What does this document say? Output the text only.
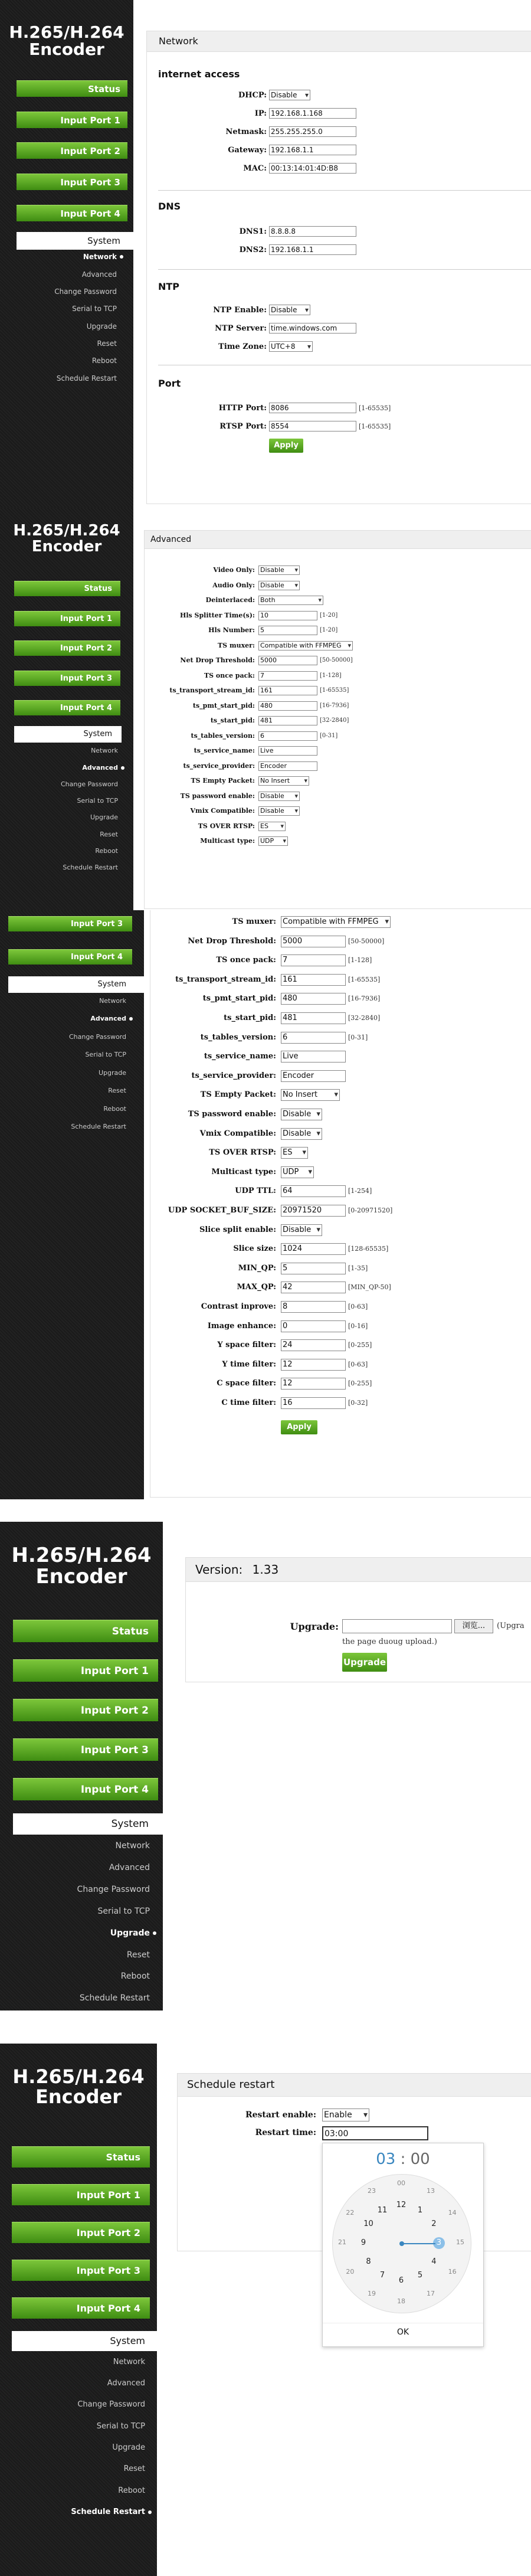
H.265/H.264
Encoder
Status
Input Port 1
Input Port 2
Input Port 3
Input Port 4
System
Network
Advanced
Change Password
Serial to TCP
Upgrade
Reset
Reboot
Schedule Restart
Network
internet access
DHCP: Disable ▾
IP: 192.168.1.168
Netmask: 255.255.255.0
Gateway: 192.168.1.1
MAC: 00:13:14:01:4D:B8
DNS
DNS1: 8.8.8.8
DNS2: 192.168.1.1
NTP
NTP Enable: Disable ▾
NTP Server: time.windows.com
Time Zone: UTC+8 ▾
Port
HTTP Port: 8086	[1-65535]
RTSP Port: 8554	[1-65535]
Apply
H.265/H.264
Encoder
Status
Input Port 1
Input Port 2
Input Port 3
Input Port 4
System
Network
Advanced
Change Password
Serial to TCP
Upgrade
Reset
Reboot
Schedule Restart
Advanced
Video Only: Disable ▾
Audio Only: Disable ▾
Deinterlaced: Both ▾
Hls Splitter Time(s): 10	[1-20]
Hls Number: 5	[1-20]
TS muxer: Compatible with FFMPEG ▾
Net Drop Threshold: 5000	[50-50000]
TS once pack: 7	[1-128]
ts_transport_stream_id: 161	[1-65535]
ts_pmt_start_pid: 480	[16-7936]
ts_start_pid: 481	[32-2840]
ts_tables_version: 6	[0-31]
ts_service_name: Live
ts_service_provider: Encoder
TS Empty Packet: No Insert ▾
TS password enable: Disable ▾
Vmix Compatible: Disable ▾
TS OVER RTSP: ES ▾
Multicast type: UDP ▾
Input Port 3
Input Port 4
System
Network
Advanced
Change Password
Serial to TCP
Upgrade
Reset
Reboot
Schedule Restart
TS muxer: Compatible with FFMPEG ▾
Net Drop Threshold: 5000	[50-50000]
TS once pack: 7	[1-128]
ts_transport_stream_id: 161	[1-65535]
ts_pmt_start_pid: 480	[16-7936]
ts_start_pid: 481	[32-2840]
ts_tables_version: 6	[0-31]
ts_service_name: Live
ts_service_provider: Encoder
TS Empty Packet: No Insert ▾
TS password enable: Disable ▾
Vmix Compatible: Disable ▾
TS OVER RTSP: ES ▾
Multicast type: UDP ▾
UDP TTL: 64	[1-254]
UDP SOCKET_BUF_SIZE: 20971520	[0-20971520]
Slice split enable: Disable ▾
Slice size: 1024	[128-65535]
MIN_QP: 5	[1-35]
MAX_QP: 42	[MIN_QP-50]
Contrast inprove: 8	[0-63]
Image enhance: 0	[0-16]
Y space filter: 24	[0-255]
Y time filter: 12	[0-63]
C space filter: 12	[0-255]
C time filter: 16	[0-32]
Apply
H.265/H.264
Encoder
Status
Input Port 1
Input Port 2
Input Port 3
Input Port 4
System
Network
Advanced
Change Password
Serial to TCP
Upgrade
Reset
Reboot
Schedule Restart
Version: 1.33
Upgrade:	浏览...	(Upgra
the page duoug upload.)
Upgrade
H.265/H.264
Encoder
Status
Input Port 1
Input Port 2
Input Port 3
Input Port 4
System
Network
Advanced
Change Password
Serial to TCP
Upgrade
Reset
Reboot
Schedule Restart
Schedule restart
Restart enable: Enable ▾
Restart time: 03:00
03 : 00
00
13
14
15
16
17
18
19
20
21
22
23
12
1
2
3
4
5
6
7
8
9
10
11
OK
